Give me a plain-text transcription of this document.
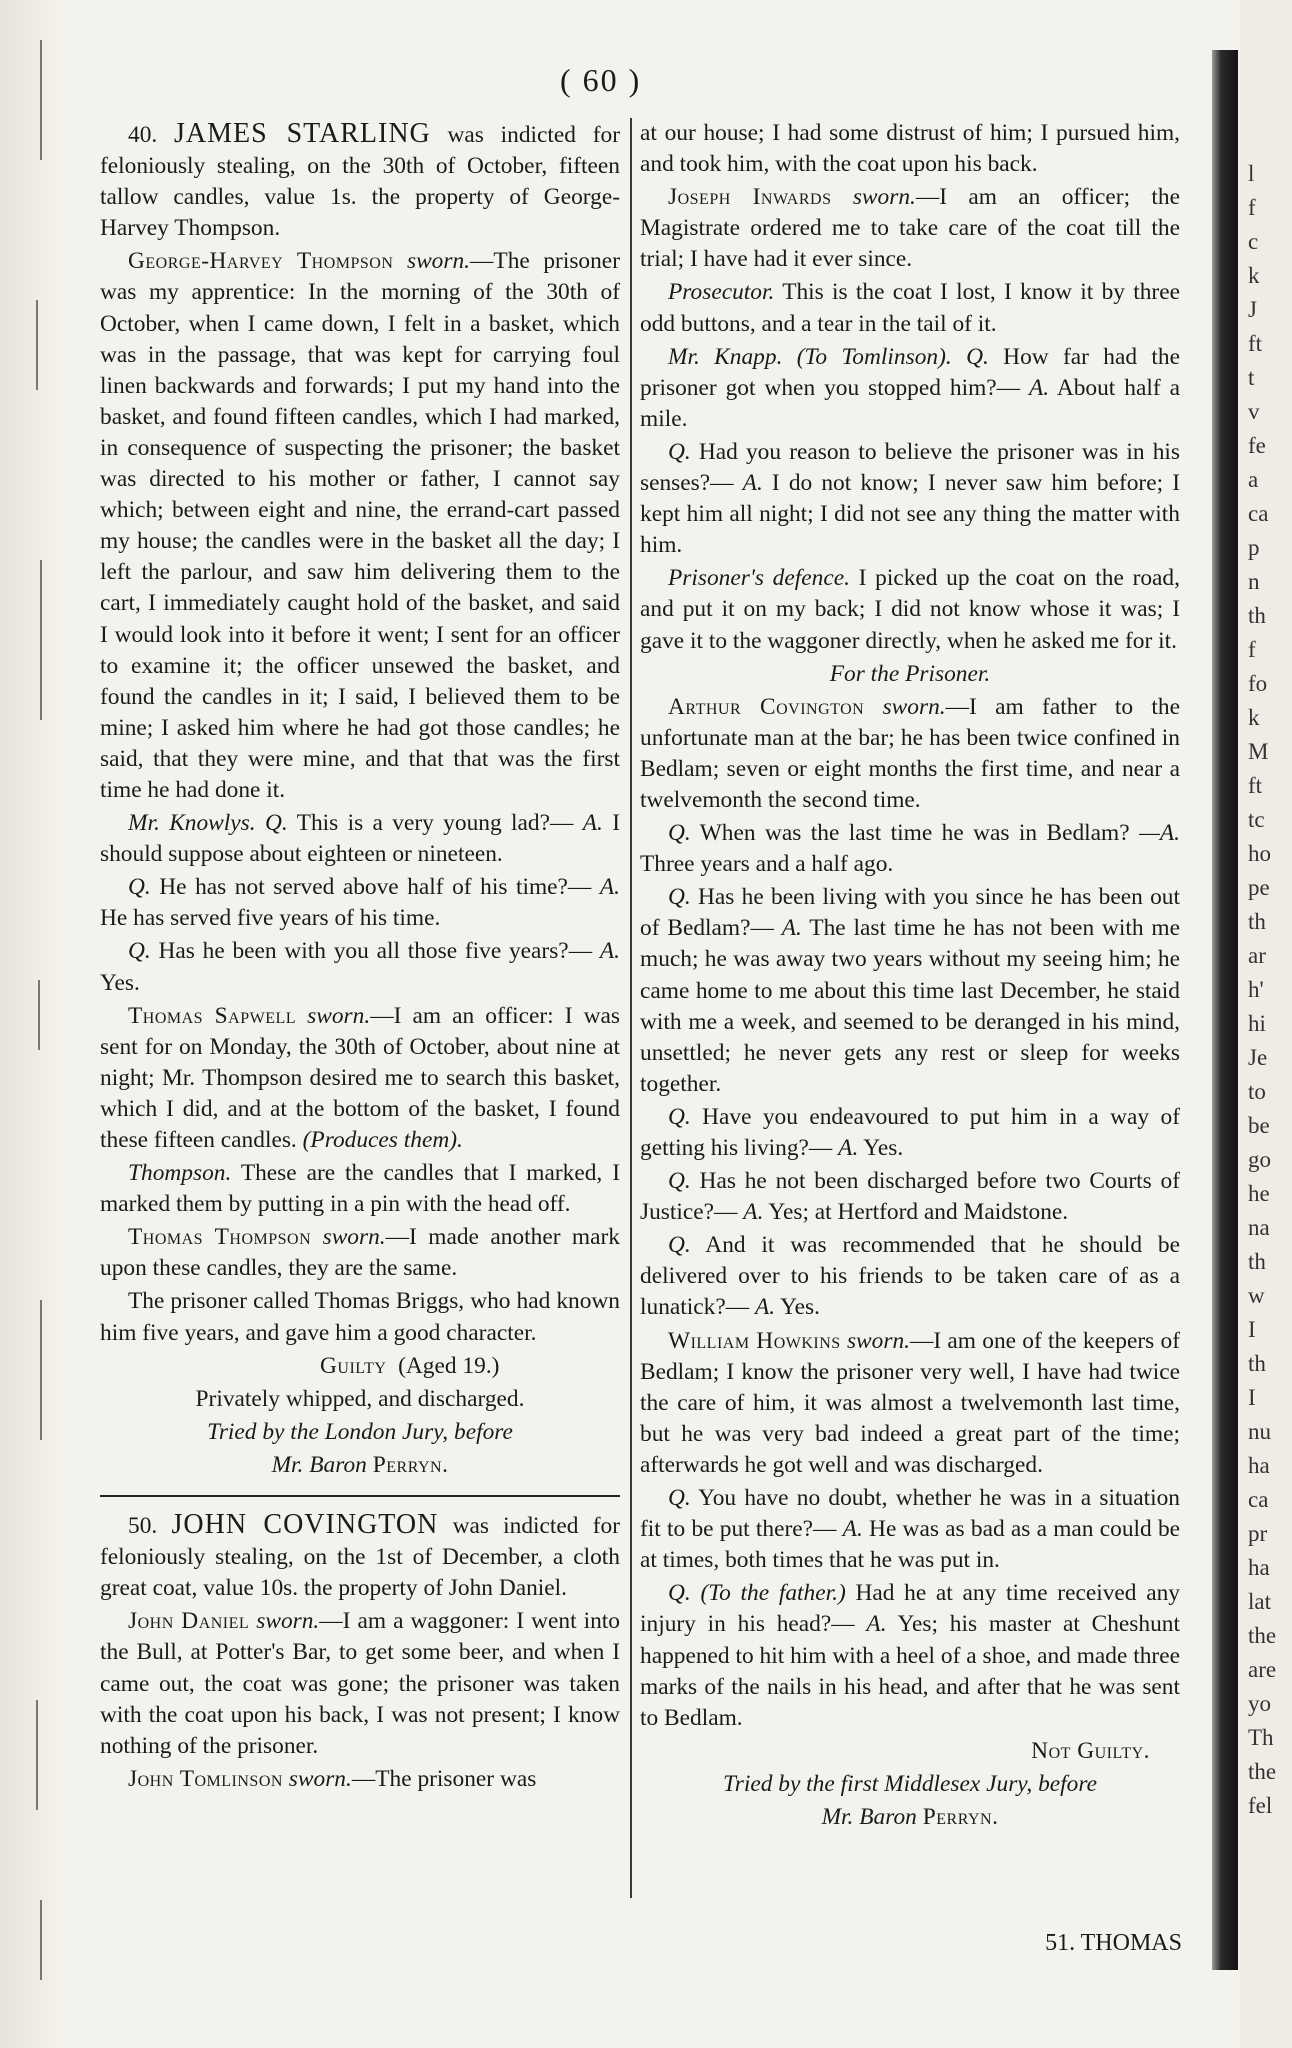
( 60 )

40. JAMES STARLING was indicted for feloniously stealing, on the 30th of October, fifteen tallow candles, value 1s. the property of George-Harvey Thompson.

George-Harvey Thompson sworn.—The prisoner was my apprentice: In the morning of the 30th of October, when I came down, I felt in a basket, which was in the passage, that was kept for carrying foul linen backwards and forwards; I put my hand into the basket, and found fifteen candles, which I had marked, in consequence of suspecting the prisoner; the basket was directed to his mother or father, I cannot say which; between eight and nine, the errand-cart passed my house; the candles were in the basket all the day; I left the parlour, and saw him delivering them to the cart, I immediately caught hold of the basket, and said I would look into it before it went; I sent for an officer to examine it; the officer unsewed the basket, and found the candles in it; I said, I believed them to be mine; I asked him where he had got those candles; he said, that they were mine, and that that was the first time he had done it.

Mr. Knowlys. Q. This is a very young lad?— A. I should suppose about eighteen or nineteen.

Q. He has not served above half of his time?— A. He has served five years of his time.

Q. Has he been with you all those five years?— A. Yes.

Thomas Sapwell sworn.—I am an officer: I was sent for on Monday, the 30th of October, about nine at night; Mr. Thompson desired me to search this basket, which I did, and at the bottom of the basket, I found these fifteen candles. (Produces them).

Thompson. These are the candles that I marked, I marked them by putting in a pin with the head off.

Thomas Thompson sworn.—I made another mark upon these candles, they are the same.

The prisoner called Thomas Briggs, who had known him five years, and gave him a good character.

Guilty (Aged 19.)

Privately whipped, and discharged.

Tried by the London Jury, before

Mr. Baron Perryn.

50. JOHN COVINGTON was indicted for feloniously stealing, on the 1st of December, a cloth great coat, value 10s. the property of John Daniel.

John Daniel sworn.—I am a waggoner: I went into the Bull, at Potter's Bar, to get some beer, and when I came out, the coat was gone; the prisoner was taken with the coat upon his back, I was not present; I know nothing of the prisoner.

John Tomlinson sworn.—The prisoner was

at our house; I had some distrust of him; I pursued him, and took him, with the coat upon his back.

Joseph Inwards sworn.—I am an officer; the Magistrate ordered me to take care of the coat till the trial; I have had it ever since.

Prosecutor. This is the coat I lost, I know it by three odd buttons, and a tear in the tail of it.

Mr. Knapp. (To Tomlinson). Q. How far had the prisoner got when you stopped him?— A. About half a mile.

Q. Had you reason to believe the prisoner was in his senses?— A. I do not know; I never saw him before; I kept him all night; I did not see any thing the matter with him.

Prisoner's defence. I picked up the coat on the road, and put it on my back; I did not know whose it was; I gave it to the waggoner directly, when he asked me for it.

For the Prisoner.

Arthur Covington sworn.—I am father to the unfortunate man at the bar; he has been twice confined in Bedlam; seven or eight months the first time, and near a twelvemonth the second time.

Q. When was the last time he was in Bedlam? —A. Three years and a half ago.

Q. Has he been living with you since he has been out of Bedlam?— A. The last time he has not been with me much; he was away two years without my seeing him; he came home to me about this time last December, he staid with me a week, and seemed to be deranged in his mind, unsettled; he never gets any rest or sleep for weeks together.

Q. Have you endeavoured to put him in a way of getting his living?— A. Yes.

Q. Has he not been discharged before two Courts of Justice?— A. Yes; at Hertford and Maidstone.

Q. And it was recommended that he should be delivered over to his friends to be taken care of as a lunatick?— A. Yes.

William Howkins sworn.—I am one of the keepers of Bedlam; I know the prisoner very well, I have had twice the care of him, it was almost a twelvemonth last time, but he was very bad indeed a great part of the time; afterwards he got well and was discharged.

Q. You have no doubt, whether he was in a situation fit to be put there?— A. He was as bad as a man could be at times, both times that he was put in.

Q. (To the father.) Had he at any time received any injury in his head?— A. Yes; his master at Cheshunt happened to hit him with a heel of a shoe, and made three marks of the nails in his head, and after that he was sent to Bedlam.

Not Guilty.

Tried by the first Middlesex Jury, before

Mr. Baron Perryn.

51. THOMAS
l
f
c
k
J
ft
t
v
fe
a
ca
p
n
th
f
fo
k
M
ft
tc
ho
pe
th
ar
h'
hi
Je
to
be
go
he
na
th
w
I
th
I
nu
ha
ca
pr
ha
lat
the
are
yo
Th
the
fel
